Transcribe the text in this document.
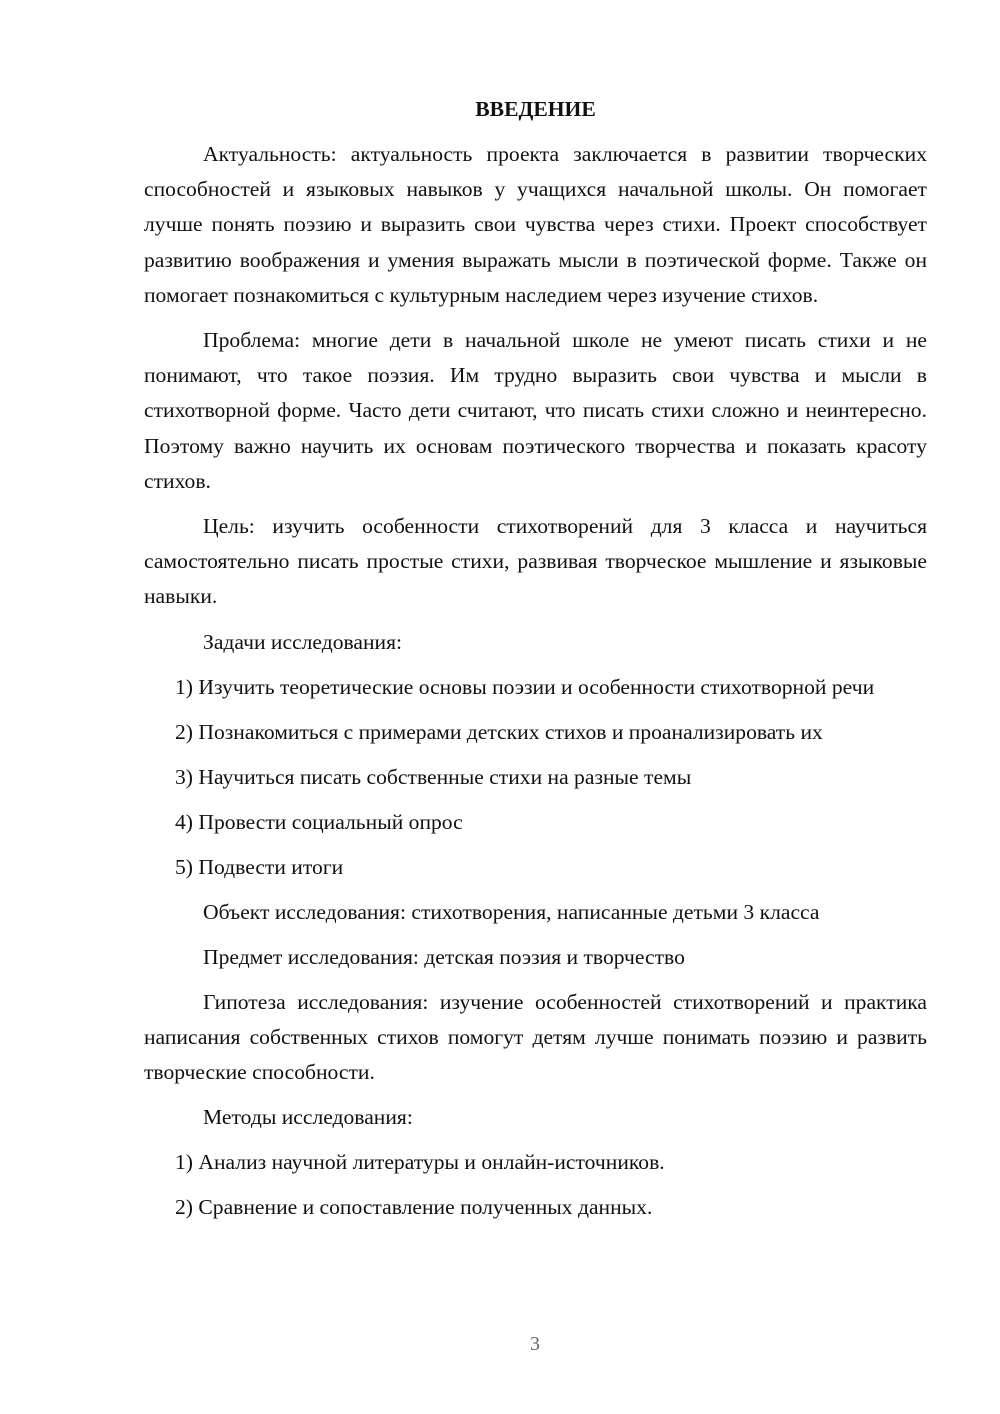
ВВЕДЕНИЕ

Актуальность: актуальность проекта заключается в развитии творческих способностей и языковых навыков у учащихся начальной школы. Он помогает лучше понять поэзию и выразить свои чувства через стихи. Проект способствует развитию воображения и умения выражать мысли в поэтической форме. Также он помогает познакомиться с культурным наследием через изучение стихов.

Проблема: многие дети в начальной школе не умеют писать стихи и не понимают, что такое поэзия. Им трудно выразить свои чувства и мысли в стихотворной форме. Часто дети считают, что писать стихи сложно и неинтересно. Поэтому важно научить их основам поэтического творчества и показать красоту стихов.

Цель: изучить особенности стихотворений для 3 класса и научиться самостоятельно писать простые стихи, развивая творческое мышление и языковые навыки.

Задачи исследования:

1) Изучить теоретические основы поэзии и особенности стихотворной речи

2) Познакомиться с примерами детских стихов и проанализировать их

3) Научиться писать собственные стихи на разные темы

4) Провести социальный опрос

5) Подвести итоги

Объект исследования: стихотворения, написанные детьми 3 класса

Предмет исследования: детская поэзия и творчество

Гипотеза исследования: изучение особенностей стихотворений и практика написания собственных стихов помогут детям лучше понимать поэзию и развить творческие способности.

Методы исследования:

1) Анализ научной литературы и онлайн-источников.

2) Сравнение и сопоставление полученных данных.

3
